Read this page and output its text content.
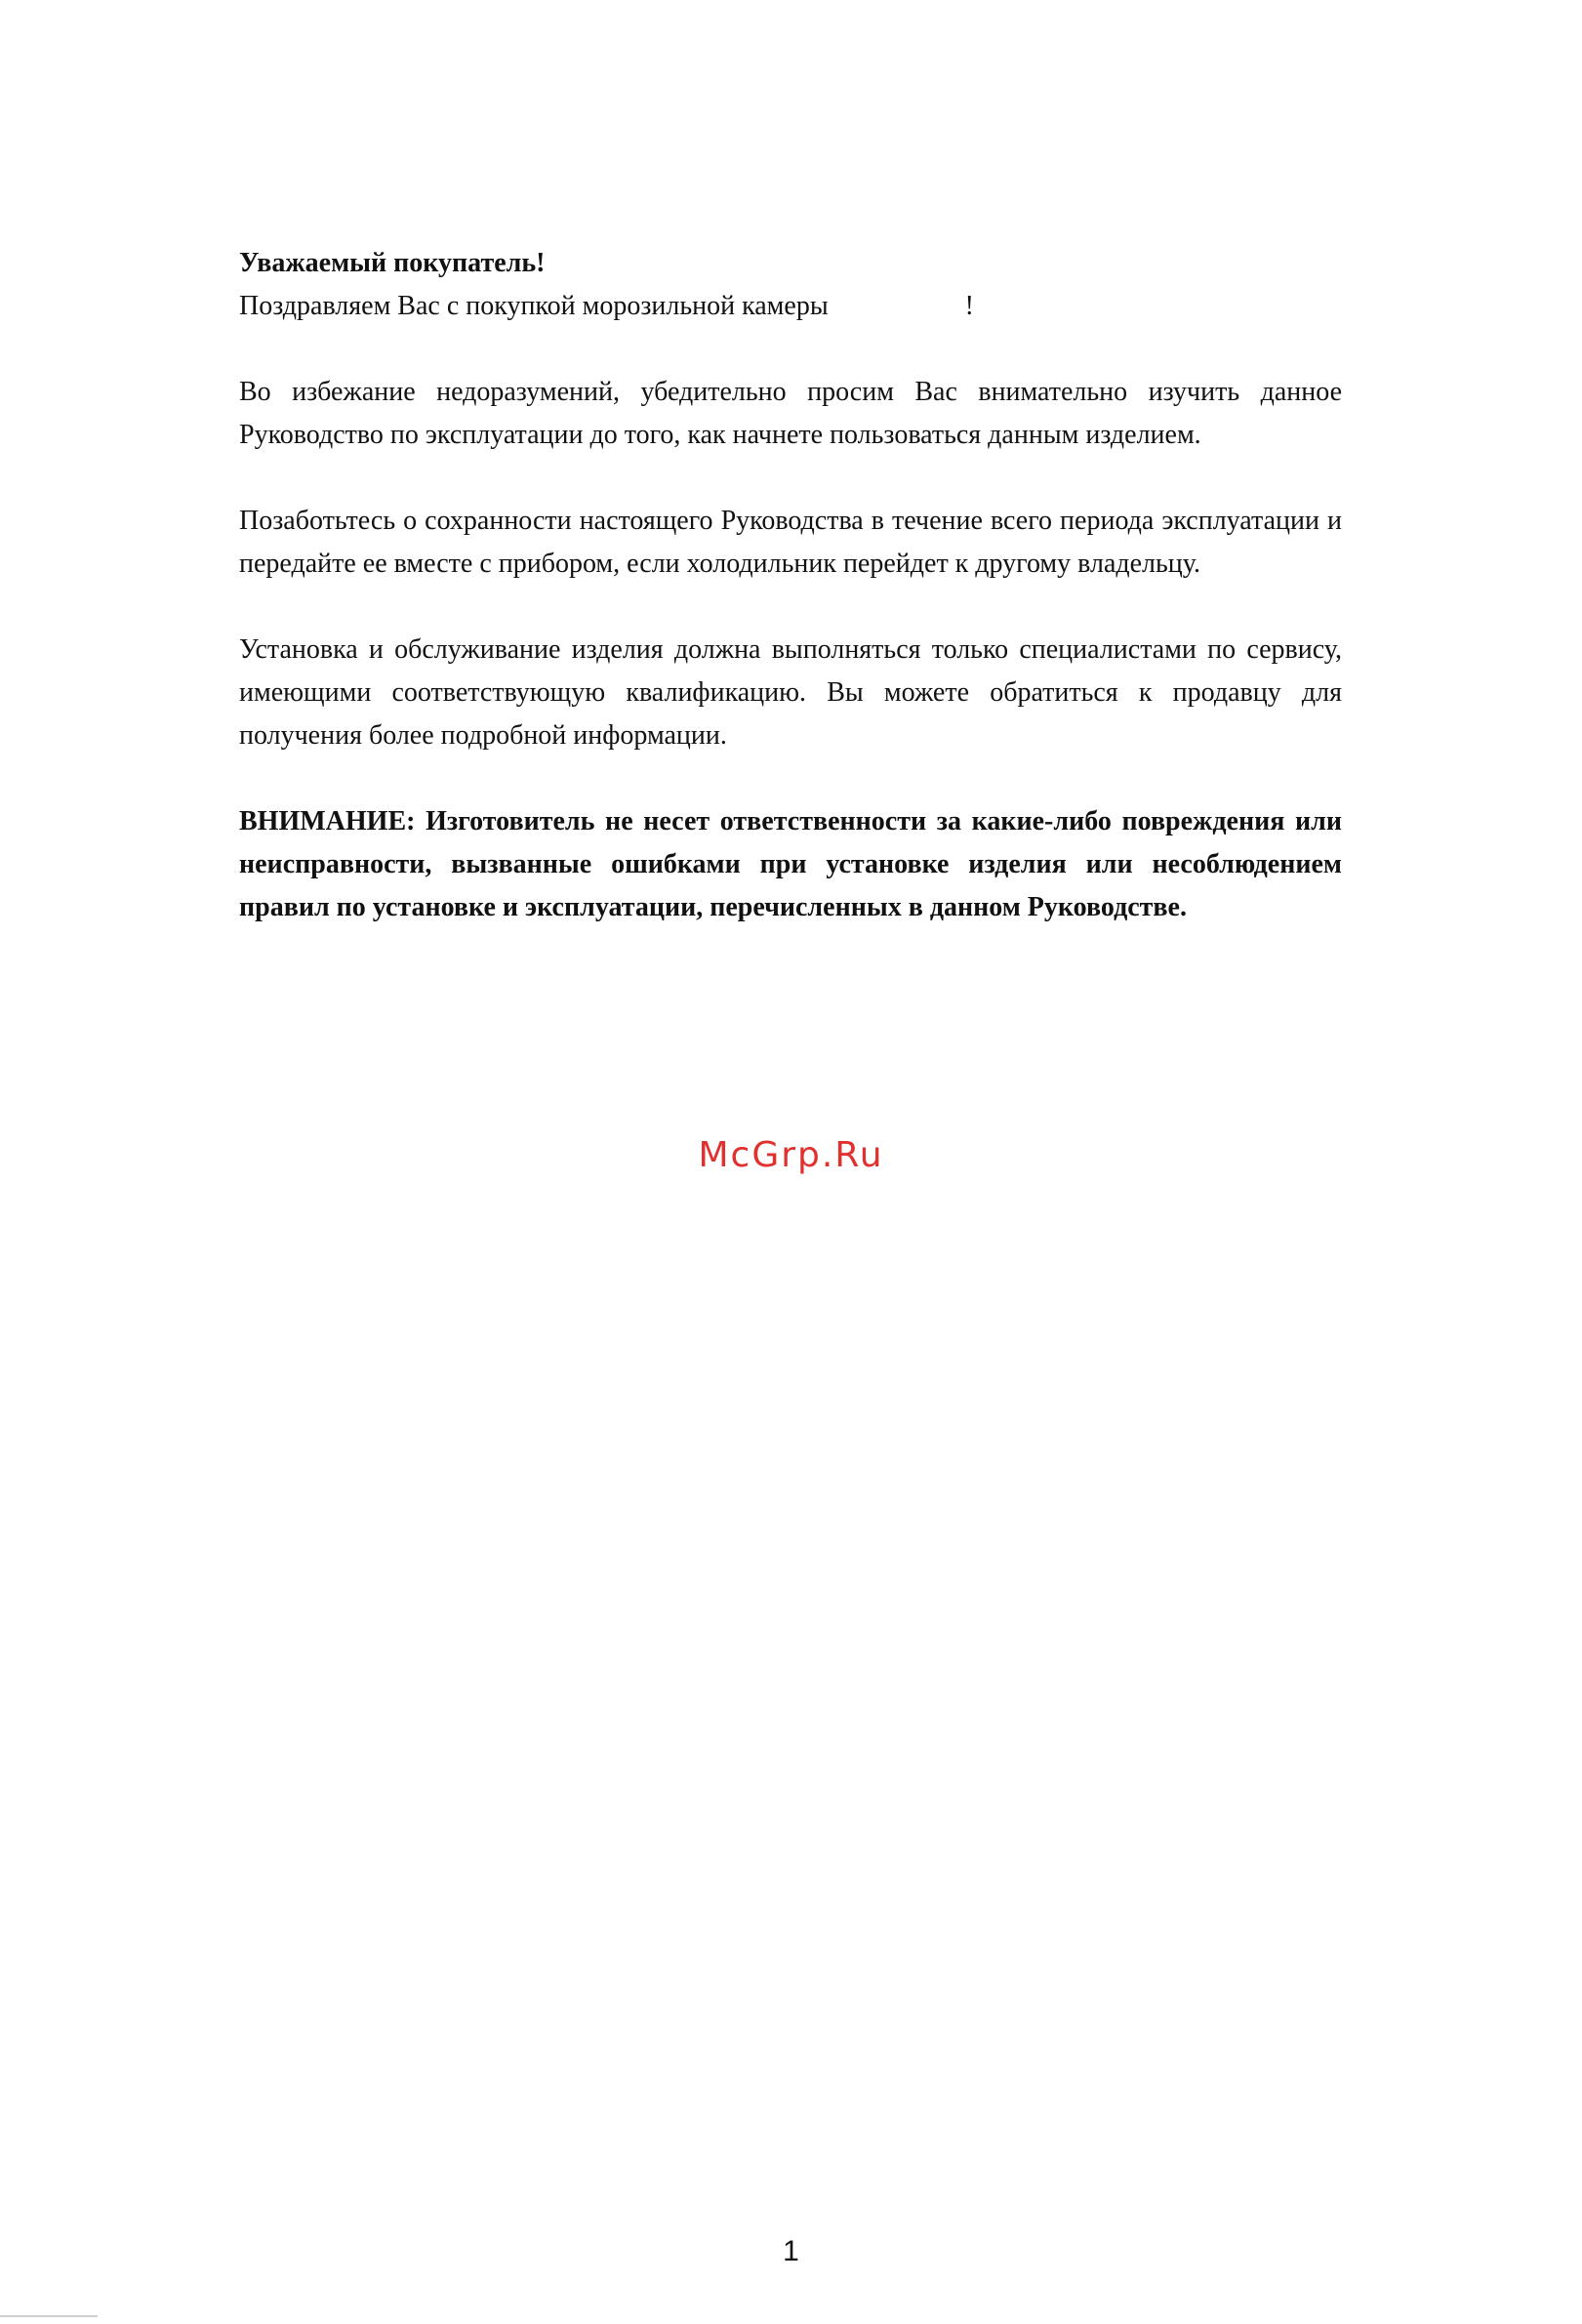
Уважаемый покупатель!

Поздравляем Вас с покупкой морозильной камеры	!

Во избежание недоразумений, убедительно просим Вас внимательно изучить данное Руководство по эксплуатации до того, как начнете пользоваться данным изделием.

Позаботьтесь о сохранности настоящего Руководства в течение всего периода эксплуатации и передайте ее вместе с прибором, если холодильник перейдет к другому владельцу.

Установка и обслуживание изделия должна выполняться только специалистами по сервису, имеющими соответствующую квалификацию. Вы можете обратиться к продавцу для получения более подробной информации.

ВНИМАНИЕ: Изготовитель не несет ответственности за какие-либо повреждения или неисправности, вызванные ошибками при установке изделия или несоблюдением правил по установке и эксплуатации, перечисленных в данном Руководстве.

McGrp.Ru
1
